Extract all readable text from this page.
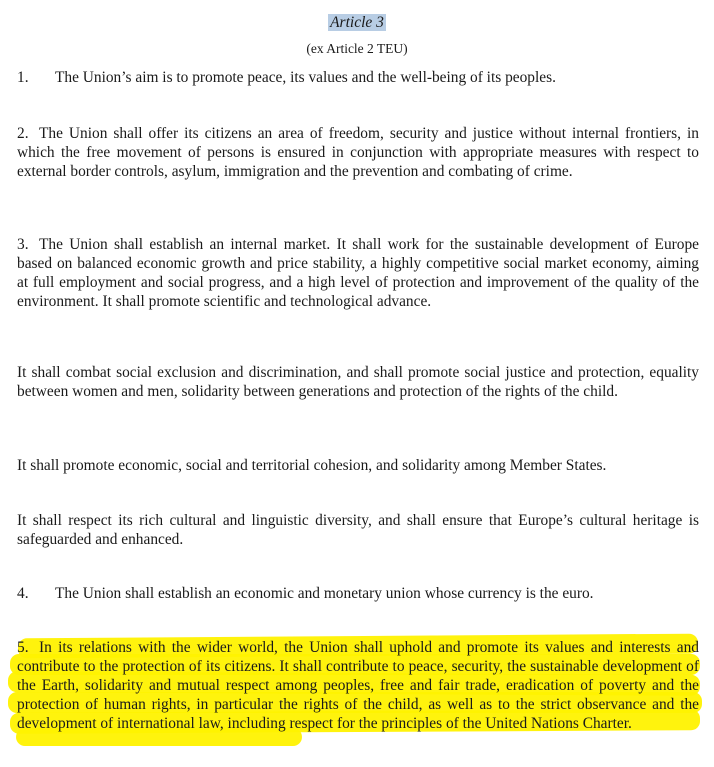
Article 3
(ex Article 2 TEU)

1. The Union’s aim is to promote peace, its values and the well-being of its peoples.

2. The Union shall offer its citizens an area of freedom, security and justice without internal frontiers, in which the free movement of persons is ensured in conjunction with appropriate measures with respect to external border controls, asylum, immigration and the prevention and combating of crime.

3. The Union shall establish an internal market. It shall work for the sustainable development of Europe based on balanced economic growth and price stability, a highly competitive social market economy, aiming at full employment and social progress, and a high level of protection and improvement of the quality of the environment. It shall promote scientific and technological advance.

It shall combat social exclusion and discrimination, and shall promote social justice and protection, equality between women and men, solidarity between generations and protection of the rights of the child.

It shall promote economic, social and territorial cohesion, and solidarity among Member States.

It shall respect its rich cultural and linguistic diversity, and shall ensure that Europe’s cultural heritage is safeguarded and enhanced.

4. The Union shall establish an economic and monetary union whose currency is the euro.

5. In its relations with the wider world, the Union shall uphold and promote its values and interests and contribute to the protection of its citizens. It shall contribute to peace, security, the sustainable development of the Earth, solidarity and mutual respect among peoples, free and fair trade, eradication of poverty and the protection of human rights, in particular the rights of the child, as well as to the strict observance and the development of international law, including respect for the principles of the United Nations Charter.
